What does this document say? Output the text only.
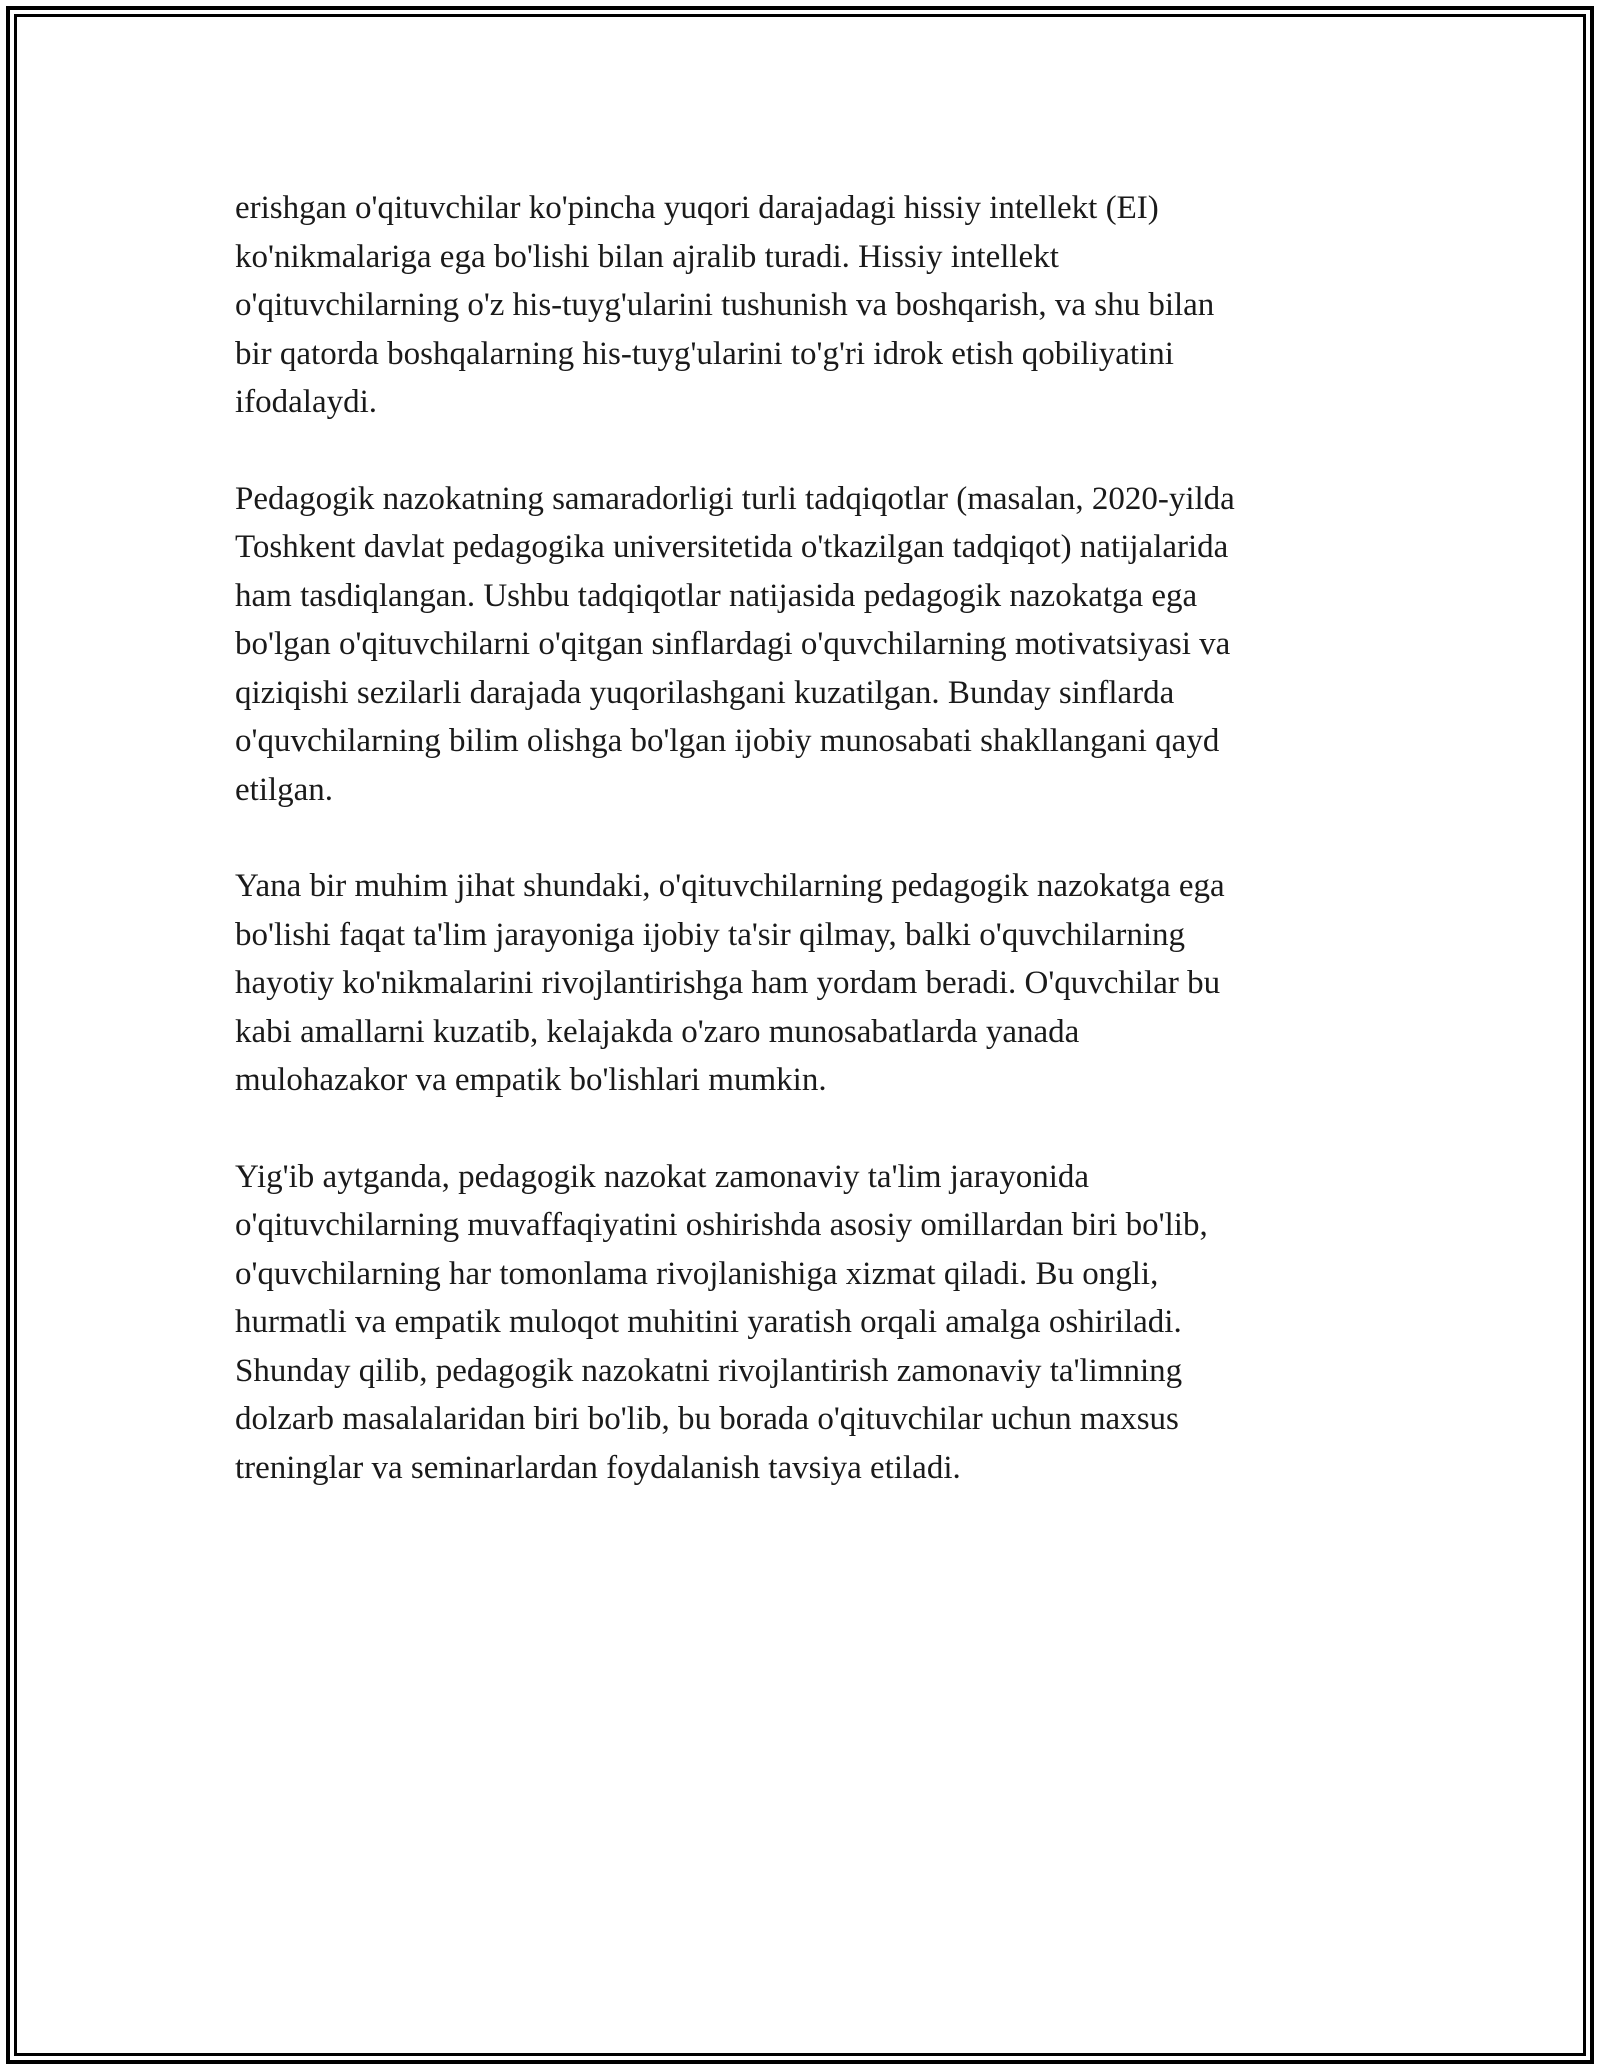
erishgan o'qituvchilar ko'pincha yuqori darajadagi hissiy intellekt (EI)
ko'nikmalariga ega bo'lishi bilan ajralib turadi. Hissiy intellekt
o'qituvchilarning o'z his-tuyg'ularini tushunish va boshqarish, va shu bilan
bir qatorda boshqalarning his-tuyg'ularini to'g'ri idrok etish qobiliyatini
ifodalaydi.

Pedagogik nazokatning samaradorligi turli tadqiqotlar (masalan, 2020-yilda
Toshkent davlat pedagogika universitetida o'tkazilgan tadqiqot) natijalarida
ham tasdiqlangan. Ushbu tadqiqotlar natijasida pedagogik nazokatga ega
bo'lgan o'qituvchilarni o'qitgan sinflardagi o'quvchilarning motivatsiyasi va
qiziqishi sezilarli darajada yuqorilashgani kuzatilgan. Bunday sinflarda
o'quvchilarning bilim olishga bo'lgan ijobiy munosabati shakllangani qayd
etilgan.

Yana bir muhim jihat shundaki, o'qituvchilarning pedagogik nazokatga ega
bo'lishi faqat ta'lim jarayoniga ijobiy ta'sir qilmay, balki o'quvchilarning
hayotiy ko'nikmalarini rivojlantirishga ham yordam beradi. O'quvchilar bu
kabi amallarni kuzatib, kelajakda o'zaro munosabatlarda yanada
mulohazakor va empatik bo'lishlari mumkin.

Yig'ib aytganda, pedagogik nazokat zamonaviy ta'lim jarayonida
o'qituvchilarning muvaffaqiyatini oshirishda asosiy omillardan biri bo'lib,
o'quvchilarning har tomonlama rivojlanishiga xizmat qiladi. Bu ongli,
hurmatli va empatik muloqot muhitini yaratish orqali amalga oshiriladi.
Shunday qilib, pedagogik nazokatni rivojlantirish zamonaviy ta'limning
dolzarb masalalaridan biri bo'lib, bu borada o'qituvchilar uchun maxsus
treninglar va seminarlardan foydalanish tavsiya etiladi.
